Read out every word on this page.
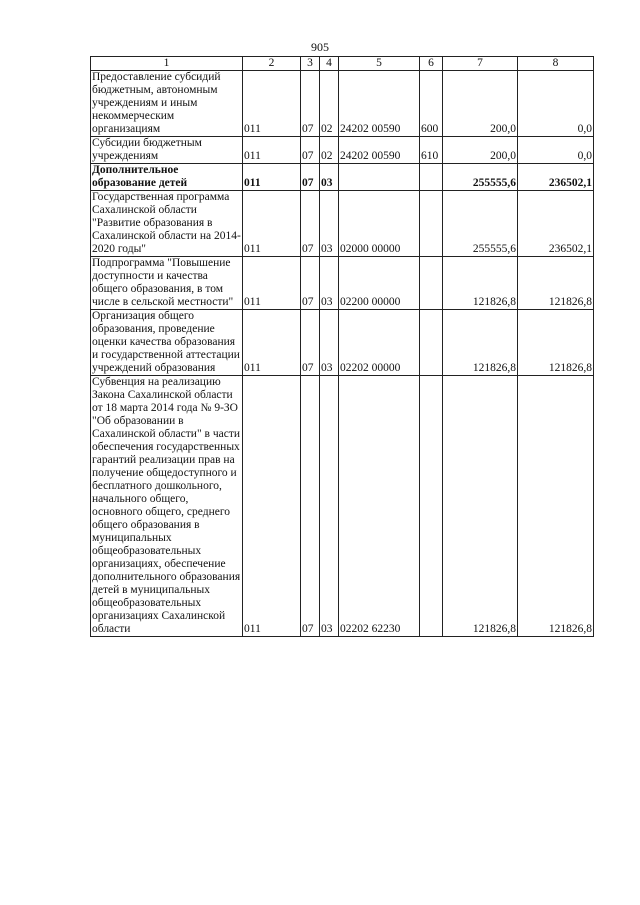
905
1	2	3	4	5	6	7	8
Предоставление субсидий бюджетным, автономным учреждениям и иным некоммерческим организациям	011	07	02	24202 00590	600	200,0	0,0
Субсидии бюджетным учреждениям	011	07	02	24202 00590	610	200,0	0,0
Дополнительное образование детей	011	07	03			255555,6	236502,1
Государственная программа Сахалинской области "Развитие образования в Сахалинской области на 2014-2020 годы"	011	07	03	02000 00000		255555,6	236502,1
Подпрограмма "Повышение доступности и качества общего образования, в том числе в сельской местности"	011	07	03	02200 00000		121826,8	121826,8
Организация общего образования, проведение оценки качества образования и государственной аттестации учреждений образования	011	07	03	02202 00000		121826,8	121826,8
Субвенция на реализацию Закона Сахалинской области от 18 марта 2014 года № 9-ЗО "Об образовании в Сахалинской области" в части обеспечения государственных гарантий реализации прав на получение общедоступного и бесплатного дошкольного, начального общего, основного общего, среднего общего образования в муниципальных общеобразовательных организациях, обеспечение дополнительного образования детей в муниципальных общеобразовательных организациях Сахалинской области	011	07	03	02202 62230		121826,8	121826,8
